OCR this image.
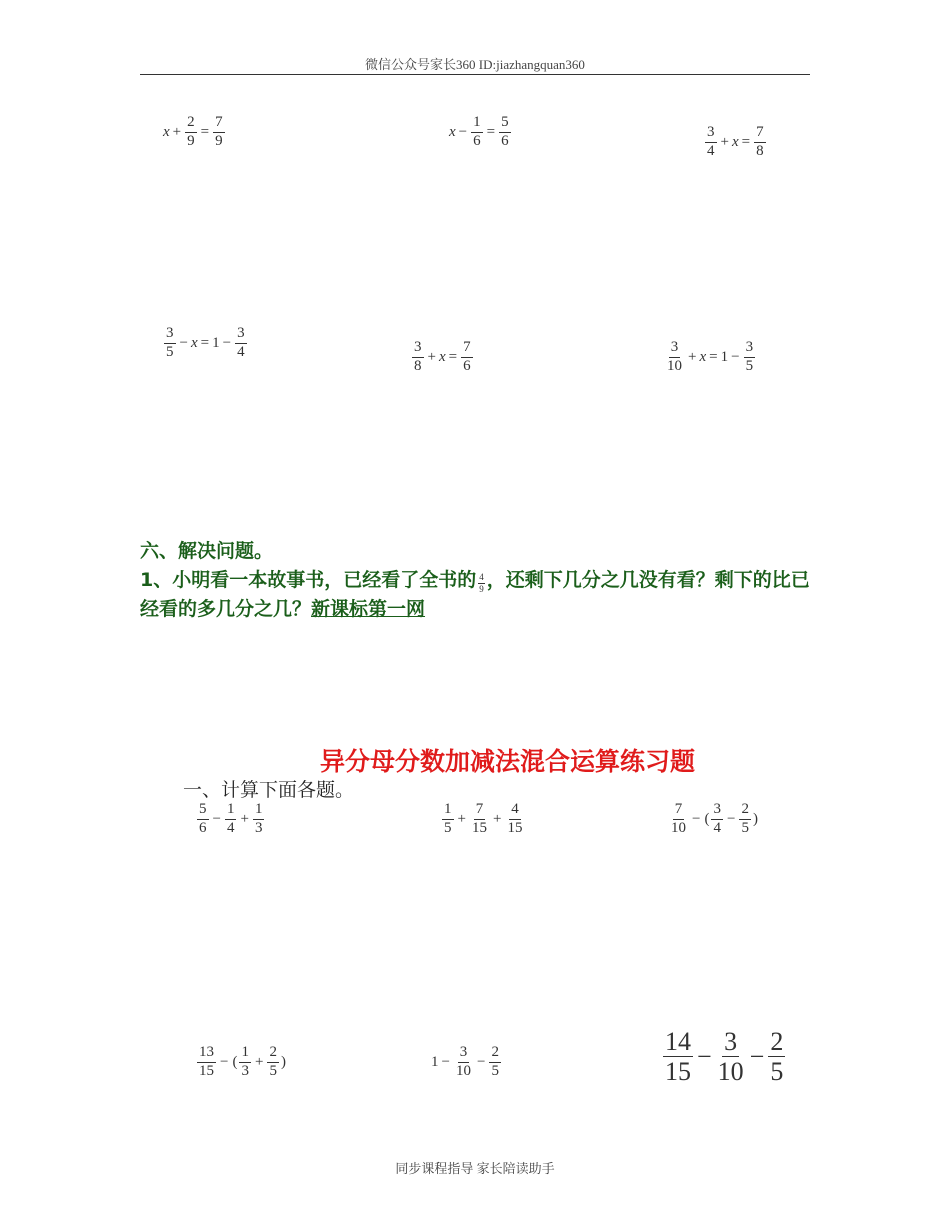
微信公众号家长360 ID:jiazhangquan360
$x + \frac{2}{9} = \frac{7}{9}$	$x - \frac{1}{6} = \frac{5}{6}$	$\frac{3}{4} + x = \frac{7}{8}$
$\frac{3}{5} - x = 1 - \frac{3}{4}$	$\frac{3}{8} + x = \frac{7}{6}$	$\frac{3}{10} + x = 1 - \frac{3}{5}$
六、解决问题。
1、小明看一本故事书，已经看了全书的 $\frac{4}{9}$ ，还剩下几分之几没有看？剩下的比已经看的多几分之几？新课标第一网
异分母分数加减法混合运算练习题
一、计算下面各题。
$\frac{5}{6} - \frac{1}{4} + \frac{1}{3}$	$\frac{1}{5} + \frac{7}{15} + \frac{4}{15}$	$\frac{7}{10}$ − ( $\frac{3}{4} - \frac{2}{5}$ )
$\frac{13}{15}$ − ( $\frac{1}{3} + \frac{2}{5}$ )	$1 - \frac{3}{10} - \frac{2}{5}$	$\frac{14}{15} - \frac{3}{10} - \frac{2}{5}$
同步课程指导 家长陪读助手
